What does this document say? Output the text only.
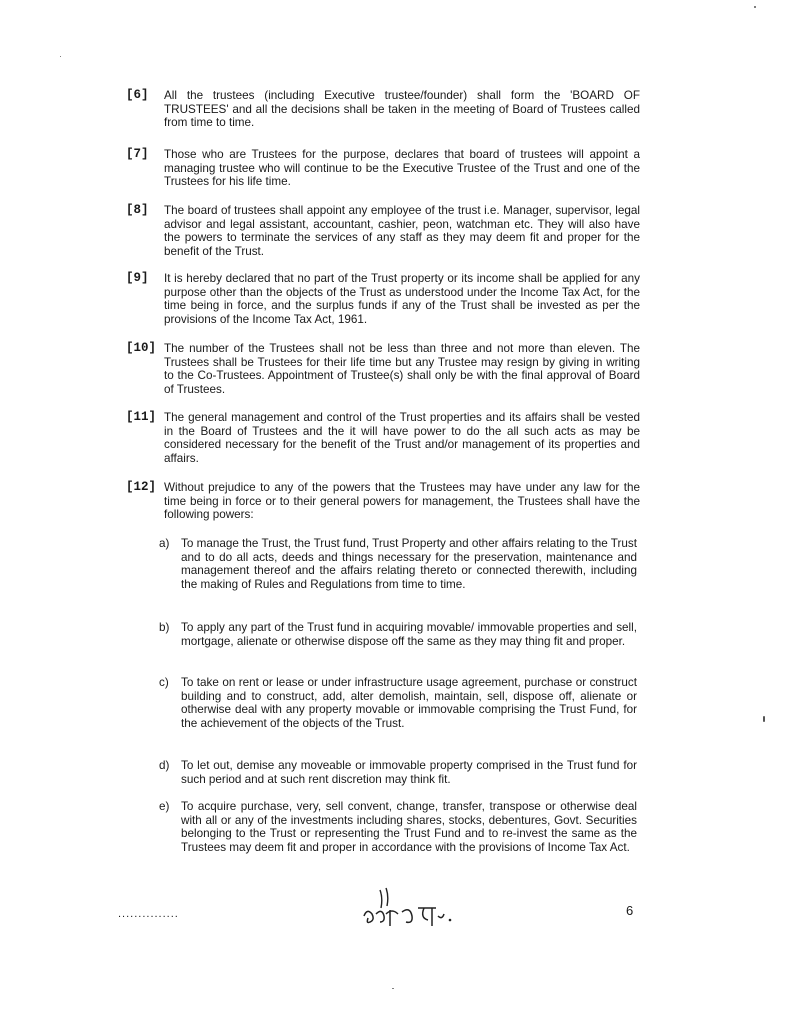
[6] All the trustees (including Executive trustee/founder) shall form the 'BOARD OF TRUSTEES' and all the decisions shall be taken in the meeting of Board of Trustees called from time to time.
[7] Those who are Trustees for the purpose, declares that board of trustees will appoint a managing trustee who will continue to be the Executive Trustee of the Trust and one of the Trustees for his life time.
[8] The board of trustees shall appoint any employee of the trust i.e. Manager, supervisor, legal advisor and legal assistant, accountant, cashier, peon, watchman etc. They will also have the powers to terminate the services of any staff as they may deem fit and proper for the benefit of the Trust.
[9] It is hereby declared that no part of the Trust property or its income shall be applied for any purpose other than the objects of the Trust as understood under the Income Tax Act, for the time being in force, and the surplus funds if any of the Trust shall be invested as per the provisions of the Income Tax Act, 1961.
[10] The number of the Trustees shall not be less than three and not more than eleven. The Trustees shall be Trustees for their life time but any Trustee may resign by giving in writing to the Co-Trustees. Appointment of Trustee(s) shall only be with the final approval of Board of Trustees.
[11] The general management and control of the Trust properties and its affairs shall be vested in the Board of Trustees and the it will have power to do the all such acts as may be considered necessary for the benefit of the Trust and/or management of its properties and affairs.
[12] Without prejudice to any of the powers that the Trustees may have under any law for the time being in force or to their general powers for management, the Trustees shall have the following powers:
a) To manage the Trust, the Trust fund, Trust Property and other affairs relating to the Trust and to do all acts, deeds and things necessary for the preservation, maintenance and management thereof and the affairs relating thereto or connected therewith, including the making of Rules and Regulations from time to time.
b) To apply any part of the Trust fund in acquiring movable/ immovable properties and sell, mortgage, alienate or otherwise dispose off the same as they may thing fit and proper.
c) To take on rent or lease or under infrastructure usage agreement, purchase or construct building and to construct, add, alter demolish, maintain, sell, dispose off, alienate or otherwise deal with any property movable or immovable comprising the Trust Fund, for the achievement of the objects of the Trust.
d) To let out, demise any moveable or immovable property comprised in the Trust fund for such period and at such rent discretion may think fit.
e) To acquire purchase, very, sell convent, change, transfer, transpose or otherwise deal with all or any of the investments including shares, stocks, debentures, Govt. Securities belonging to the Trust or representing the Trust Fund and to re-invest the same as the Trustees may deem fit and proper in accordance with the provisions of Income Tax Act.
...............	6
